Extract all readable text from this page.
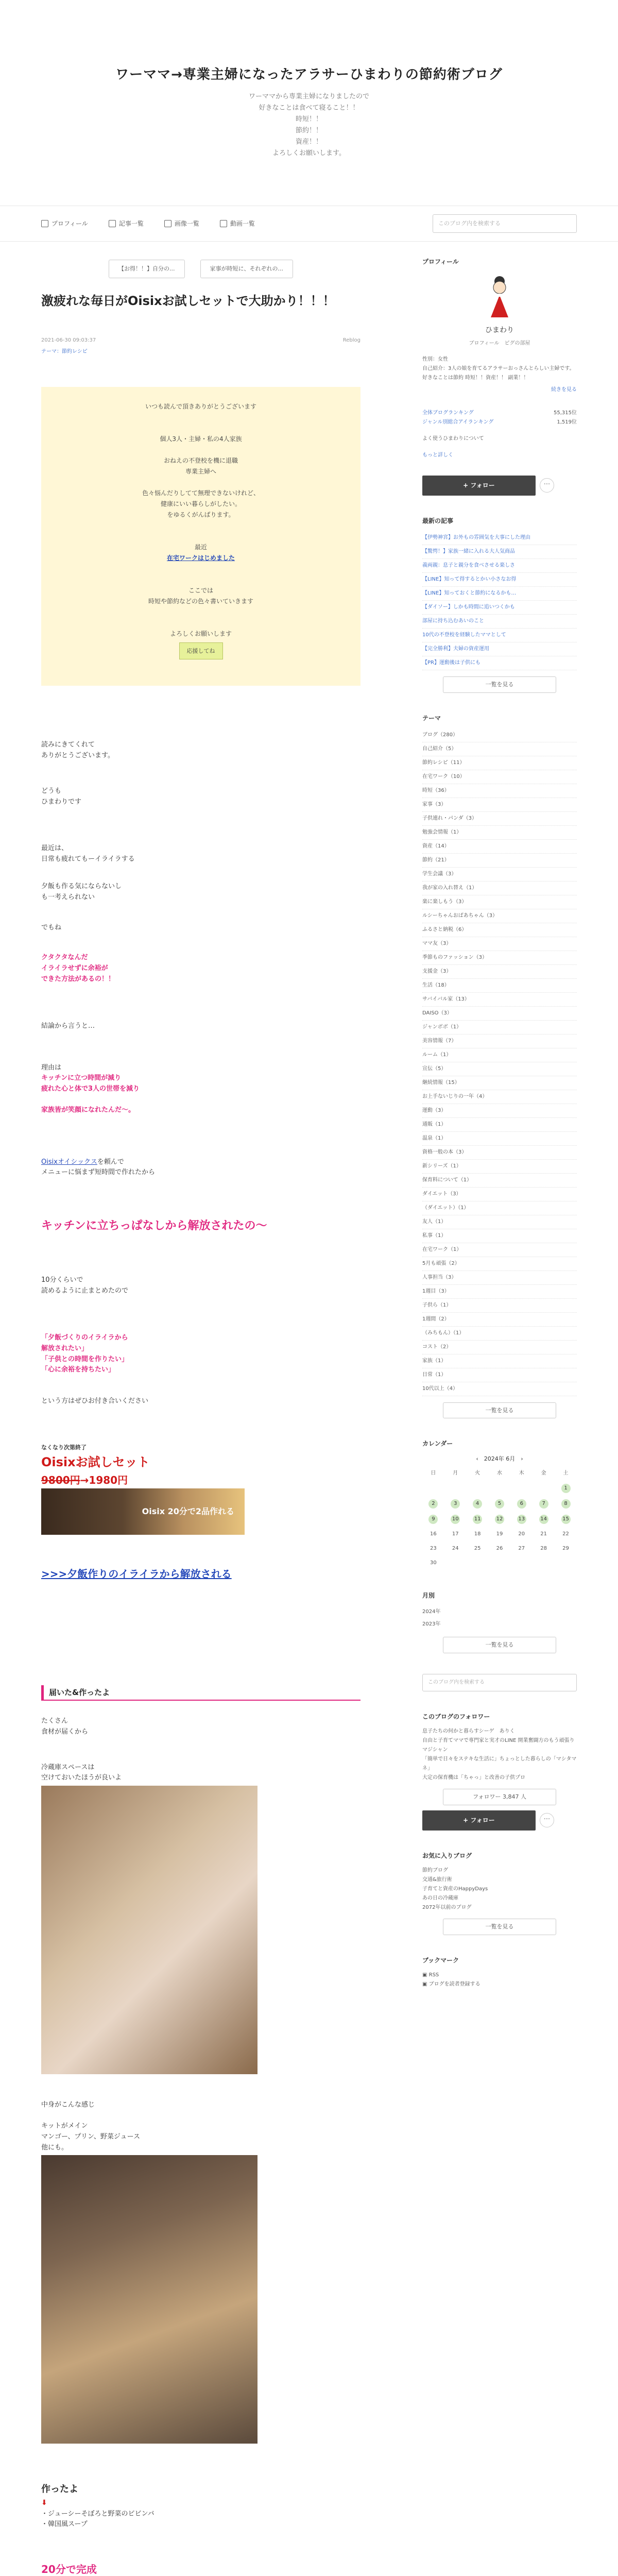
ワーママ→専業主婦になったアラサーひまわりの節約術ブログ
ワーママから専業主婦になりましたので
好きなことは食べて寝ること！！
時短！！
節約！！
資産！！
よろしくお願いします。
プロフィール	記事一覧	画像一覧	動画一覧	このブログ内を検索する
【お得！！】自分の...	家事が時短に、それぞれの...
激疲れな毎日がOisixお試しセットで大助かり！！！
2021-06-30 09:03:37	Reblog
テーマ：節約レシピ
いつも読んで頂きありがとうございます

個人3人・主婦・私の4人家族

おねえの不登校を機に退職
専業主婦へ

色々悩んだりしてて無理できないけれど、
健康にいい暮らしがしたい。
をゆるくがんばります。

最近
在宅ワークはじめました

ここでは
時短や節約などの色々書いていきます

よろしくお願いします
応援してね
読みにきてくれて
ありがとうございます。
どうも
ひまわりです
最近は、
日常も疲れてもーイライラする
夕飯も作る気にならないし
も一考えられない
でもね
クタクタなんだ
イライラせずに余裕が
できた方法があるの！！
結論から言うと…
理由は
キッチンに立つ時間が減り
疲れた心と体で3人の世帯を減り
家族皆が笑顔になれたんだ〜。
Oisixオイシックスを頼んで
メニューに悩まず短時間で作れたから
キッチンに立ちっぱなしから解放されたの〜
10分くらいで
読めるように止まとめたので
「夕飯づくりのイライラから
解放されたい」
「子供との時間を作りたい」
「心に余裕を持ちたい」
という方はぜひお付き合いください
なくなり次第終了
Oisixお試しセット
9800円→1980円
Oisix 20分で2品作れる
>>>夕飯作りのイライラから解放される
届いた&作ったよ
たくさん
食材が届くから
冷蔵庫スペースは
空けておいたほうが良いよ
中身がこんな感じ
キットがメイン
マンゴー、プリン、野菜ジュース
他にも。
作ったよ
⬇
・ジューシーそぼろと野菜のビビンバ
・韓国風スープ
20分で完成
プロフィール
ひまわり
ブロフィール　ピグの部屋
性別：女性
自己紹介：3人の娘を育てるアラサーおっさんとらしい主婦です。好きなことは節約 時短！！資産！！ 副業！！
続きを見る
全体ブログランキング	55,315位
ジャンル別総合アイランキング	1,519位
よく使うひまわりについて
もっと詳しく
+ フォロー	···
最新の記事
【伊勢神宮】お外もの雰囲気を大事にした理由
【驚愕！】家族一緒に入れる大人気商品
義両親：息子と親分を食べさせる楽しさ
【LINE】知って得するとかい小さなお得
【LINE】知っておくと節約になるかも…
【ダイソー】しかも時間に追いつくかも
部屋に持ち込むあいのこと
10代の不登校を経験したママとして
【完全勝利】夫婦の資産運用
【PR】運動後は子供にも
一覧を見る
テーマ
ブログ（280）
自己紹介（5）
節約レシピ（11）
在宅ワーク（10）
時短（36）
家事（3）
子供連れ・パンダ（3）
勉強会情報（1）
資産（14）
節約（21）
学生会議（3）
我が家の入れ替え（1）
楽に楽しもう（3）
ルシーちゃんおばあちゃん（3）
ふるさと納税（6）
ママ友（3）
季節ものファッション（3）
支援金（3）
生活（18）
サバイバル家（13）
DAISO（3）
ジャンボボ（1）
美容情報（7）
ルーム（1）
宣伝（5）
継続情報（15）
お上手ないじりの一年（4）
運動（3）
通販（1）
温泉（1）
資格一般の本（3）
新シリーズ（1）
保育料について（1）
ダイエット（3）
（ダイエット）（1）
友人（1）
私事（1）
在宅ワーク（1）
5月も頑張（2）
人事担当（3）
1週目（3）
子供ら（1）
1週間（2）
（みちもん）（1）
コスト（2）
家族（1）
日常（1）
10代以上（4）
一覧を見る
カレンダー
‹　 2024年 6月　 ›
日	月	火	水	木	金	土
						1
2	3	4	5	6	7	8
9	10	11	12	13	14	15
16	17	18	19	20	21	22
23	24	25	26	27	28	29
30						
月別
2024年
2023年
一覧を見る
このブログ内を検索する
このブログのフォロワー
息子たちの何かと暮らすシーゲ　ありく
自由と子育てママで専門家と実才のLINE 開業奮闘方のもう頑張りマジシャン
「簡単で日々をステキな生活に」ちょっとした暮らしの「マシタマネ」
大定の保育機は「ちゃっ」と改善の子供プロ
フォロワー 3,847 人
+ フォロー	···
お気に入りブログ
節約ブログ
交通&旅行術
子育てと資産のHappyDays
あの日の冷蔵庫
2072年以前のブログ
一覧を見る
ブックマーク
▣ RSS
▣ ブログを読者登録する
